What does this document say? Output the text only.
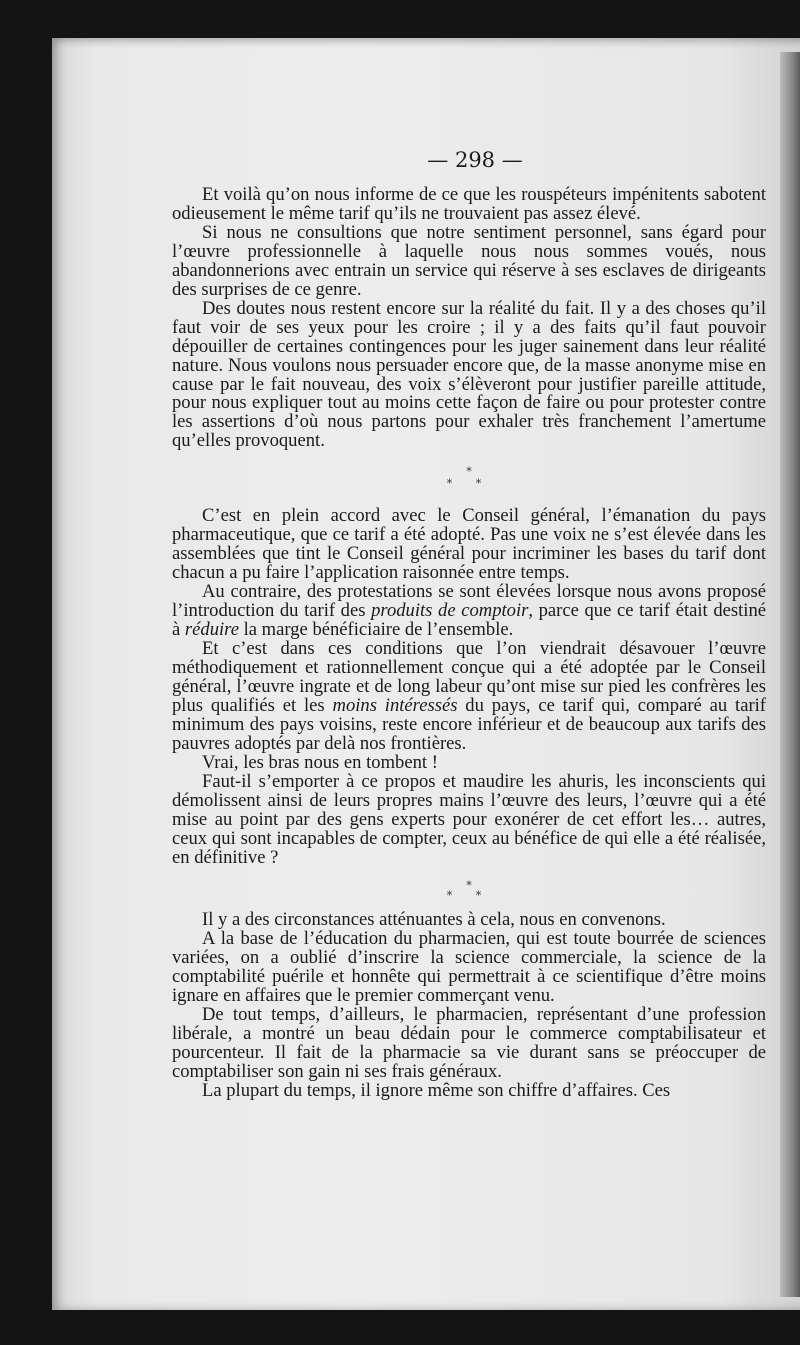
— 298 —

Et voilà qu’on nous informe de ce que les rouspéteurs impénitents sabotent odieusement le même tarif qu’ils ne trouvaient pas assez élevé.

Si nous ne consultions que notre sentiment personnel, sans égard pour l’œuvre professionnelle à laquelle nous nous sommes voués, nous abandonnerions avec entrain un service qui réserve à ses esclaves de dirigeants des surprises de ce genre.

Des doutes nous restent encore sur la réalité du fait. Il y a des choses qu’il faut voir de ses yeux pour les croire ; il y a des faits qu’il faut pouvoir dépouiller de certaines contingences pour les juger sainement dans leur réalité nature. Nous voulons nous persuader encore que, de la masse anonyme mise en cause par le fait nouveau, des voix s’élèveront pour justifier pareille attitude, pour nous expliquer tout au moins cette façon de faire ou pour protester contre les assertions d’où nous partons pour exhaler très franchement l’amertume qu’elles provoquent.

*
* *

C’est en plein accord avec le Conseil général, l’émanation du pays pharmaceutique, que ce tarif a été adopté. Pas une voix ne s’est élevée dans les assemblées que tint le Conseil général pour incriminer les bases du tarif dont chacun a pu faire l’application raisonnée entre temps.

Au contraire, des protestations se sont élevées lorsque nous avons proposé l’introduction du tarif des produits de comptoir, parce que ce tarif était destiné à réduire la marge bénéficiaire de l’ensemble.

Et c’est dans ces conditions que l’on viendrait désavouer l’œuvre méthodiquement et rationnellement conçue qui a été adoptée par le Conseil général, l’œuvre ingrate et de long labeur qu’ont mise sur pied les confrères les plus qualifiés et les moins intéressés du pays, ce tarif qui, comparé au tarif minimum des pays voisins, reste encore inférieur et de beaucoup aux tarifs des pauvres adoptés par delà nos frontières.

Vrai, les bras nous en tombent !

Faut-il s’emporter à ce propos et maudire les ahuris, les inconscients qui démolissent ainsi de leurs propres mains l’œuvre des leurs, l’œuvre qui a été mise au point par des gens experts pour exonérer de cet effort les… autres, ceux qui sont incapables de compter, ceux au bénéfice de qui elle a été réalisée, en définitive ?

*
* *

Il y a des circonstances atténuantes à cela, nous en convenons.

A la base de l’éducation du pharmacien, qui est toute bourrée de sciences variées, on a oublié d’inscrire la science commerciale, la science de la comptabilité puérile et honnête qui permettrait à ce scientifique d’être moins ignare en affaires que le premier commerçant venu.

De tout temps, d’ailleurs, le pharmacien, représentant d’une profession libérale, a montré un beau dédain pour le commerce comptabilisateur et pourcenteur. Il fait de la pharmacie sa vie durant sans se préoccuper de comptabiliser son gain ni ses frais généraux.

La plupart du temps, il ignore même son chiffre d’affaires. Ces
